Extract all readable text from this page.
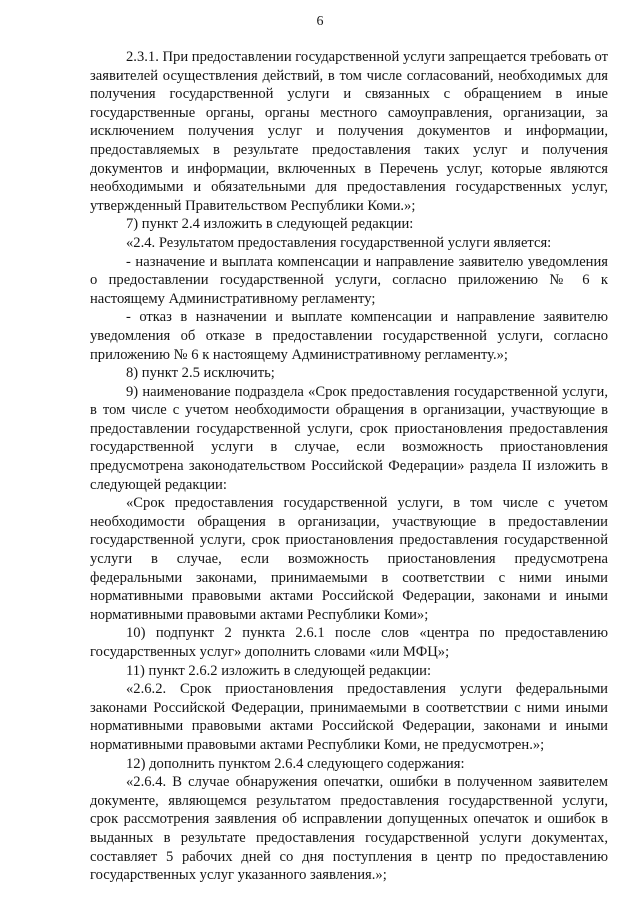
6

2.3.1. При предоставлении государственной услуги запрещается требовать от заявителей осуществления действий, в том числе согласований, необходимых для получения государственной услуги и связанных с обращением в иные государственные органы, органы местного самоуправления, организации, за исключением получения услуг и получения документов и информации, предоставляемых в результате предоставления таких услуг и получения документов и информации, включенных в Перечень услуг, которые являются необходимыми и обязательными для предоставления государственных услуг, утвержденный Правительством Республики Коми.»;

7) пункт 2.4 изложить в следующей редакции:

«2.4. Результатом предоставления государственной услуги является:

- назначение и выплата компенсации и направление заявителю уведомления о предоставлении государственной услуги, согласно приложению № 6 к настоящему Административному регламенту;

- отказ в назначении и выплате компенсации и направление заявителю уведомления об отказе в предоставлении государственной услуги, согласно приложению № 6 к настоящему Административному регламенту.»;

8) пункт 2.5 исключить;

9) наименование подраздела «Срок предоставления государственной услуги, в том числе с учетом необходимости обращения в организации, участвующие в предоставлении государственной услуги, срок приостановления предоставления государственной услуги в случае, если возможность приостановления предусмотрена законодательством Российской Федерации» раздела II изложить в следующей редакции:

«Срок предоставления государственной услуги, в том числе с учетом необходимости обращения в организации, участвующие в предоставлении государственной услуги, срок приостановления предоставления государственной услуги в случае, если возможность приостановления предусмотрена федеральными законами, принимаемыми в соответствии с ними иными нормативными правовыми актами Российской Федерации, законами и иными нормативными правовыми актами Республики Коми»;

10) подпункт 2 пункта 2.6.1 после слов «центра по предоставлению государственных услуг» дополнить словами «или МФЦ»;

11) пункт 2.6.2 изложить в следующей редакции:

«2.6.2. Срок приостановления предоставления услуги федеральными законами Российской Федерации, принимаемыми в соответствии с ними иными нормативными правовыми актами Российской Федерации, законами и иными нормативными правовыми актами Республики Коми, не предусмотрен.»;

12) дополнить пунктом 2.6.4 следующего содержания:

«2.6.4. В случае обнаружения опечатки, ошибки в полученном заявителем документе, являющемся результатом предоставления государственной услуги, срок рассмотрения заявления об исправлении допущенных опечаток и ошибок в выданных в результате предоставления государственной услуги документах, составляет 5 рабочих дней со дня поступления в центр по предоставлению государственных услуг указанного заявления.»;
